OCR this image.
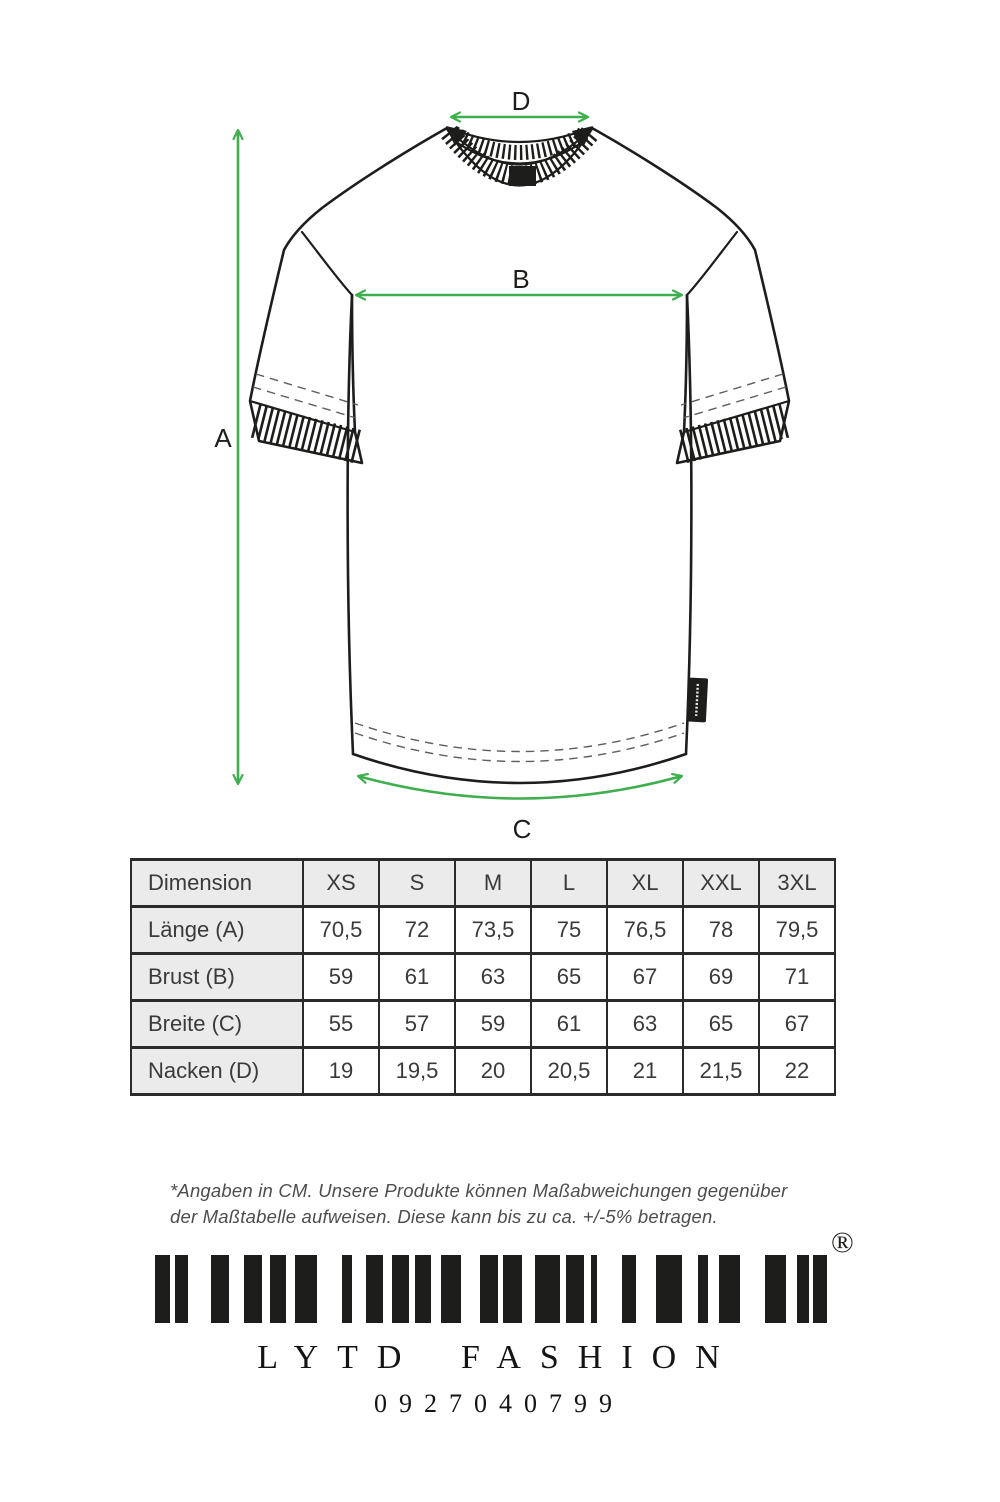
A
B
C
D
Dimension	XS	S	M	L	XL	XXL	3XL
Länge (A)	70,5	72	73,5	75	76,5	78	79,5
Brust (B)	59	61	63	65	67	69	71
Breite (C)	55	57	59	61	63	65	67
Nacken (D)	19	19,5	20	20,5	21	21,5	22
*Angaben in CM. Unsere Produkte können Maßabweichungen gegenüber
der Maßtabelle aufweisen. Diese kann bis zu ca. +/-5% betragen.
®
LYTD FASHION
0927040799
